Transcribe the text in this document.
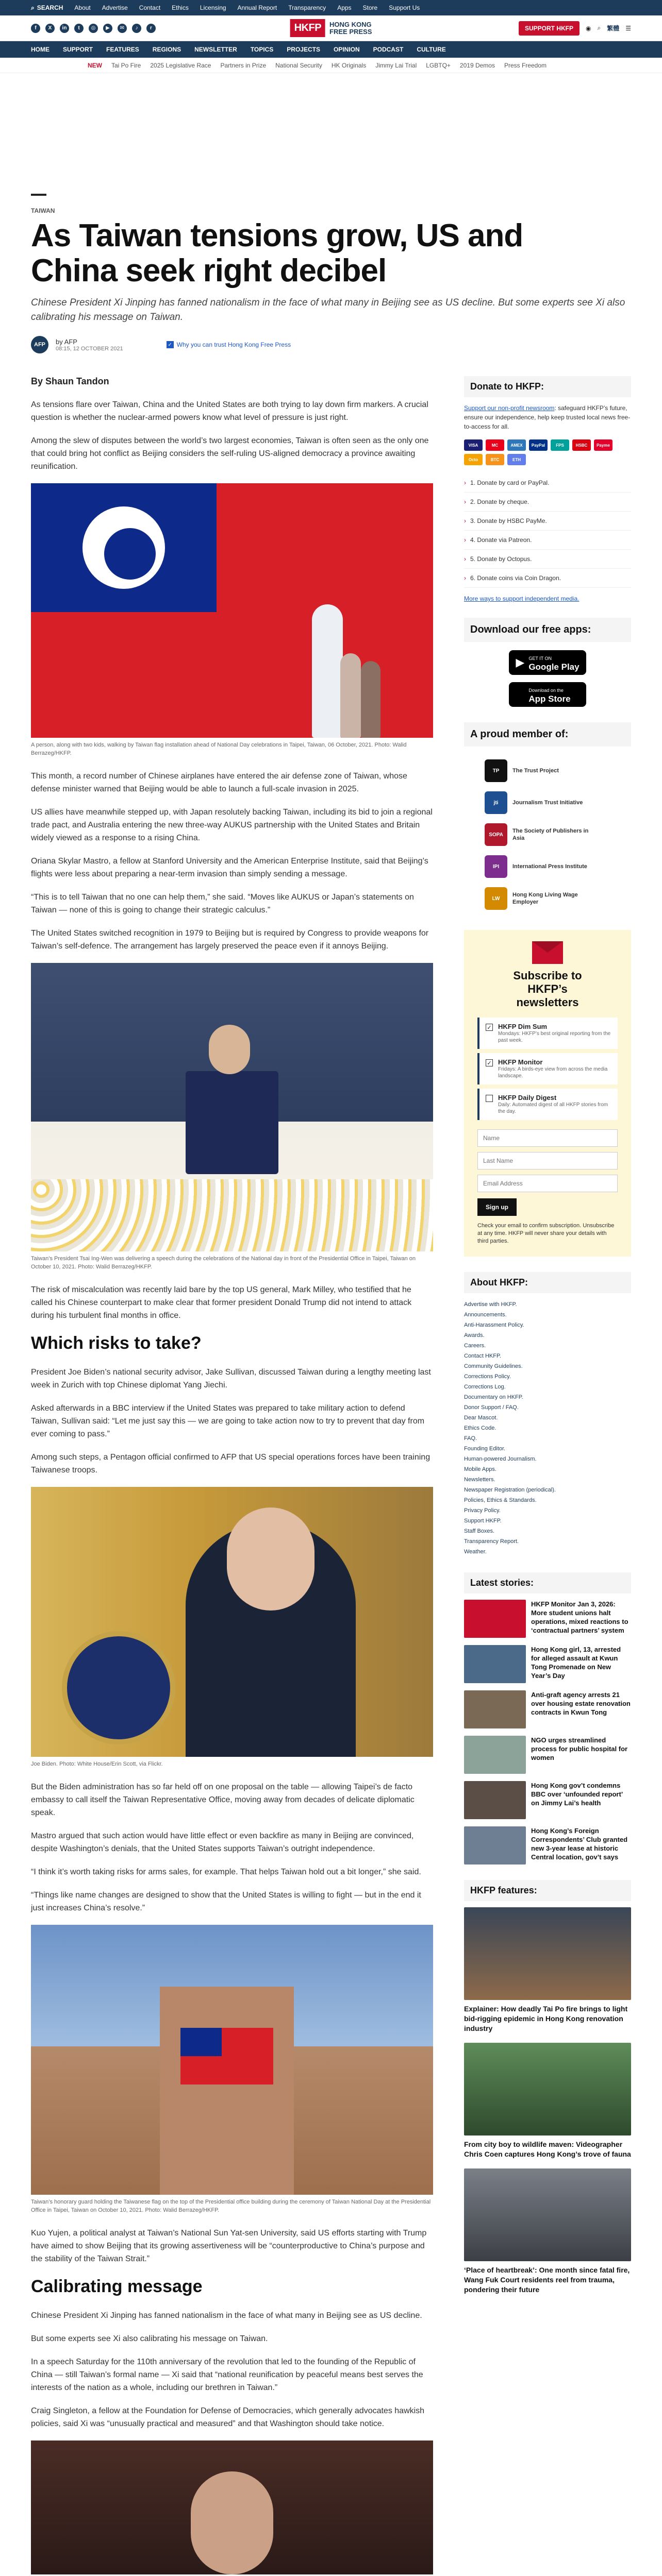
⌕ SEARCH About Advertise Contact Ethics Licensing Annual Report Transparency Apps Store Support Us
f	X	in	t	◎	▶	✉	♪	r	HKFP	HONG KONG
FREE PRESS	SUPPORT HKFP	◉ ⌕ 繁體 ☰
HOME SUPPORT FEATURES REGIONS NEWSLETTER TOPICS PROJECTS OPINION PODCAST CULTURE
NEW Tai Po Fire 2025 Legislative Race Partners in Prize National Security HK Originals Jimmy Lai Trial LGBTQ+ 2019 Demos Press Freedom
TAIWAN
As Taiwan tensions grow, US and China seek right decibel
Chinese President Xi Jinping has fanned nationalism in the face of what many in Beijing see as US decline. But some experts see Xi also calibrating his message on Taiwan.
AFP	by AFP
08:15, 12 OCTOBER 2021
✓ Why you can trust Hong Kong Free Press
By Shaun Tandon

As tensions flare over Taiwan, China and the United States are both trying to lay down firm markers. A crucial question is whether the nuclear-armed powers know what level of pressure is just right.

Among the slew of disputes between the world’s two largest economies, Taiwan is often seen as the only one that could bring hot conflict as Beijing considers the self-ruling US-aligned democracy a province awaiting reunification.

A person, along with two kids, walking by Taiwan flag installation ahead of National Day celebrations in Taipei, Taiwan, 06 October, 2021. Photo: Walid Berrazeg/HKFP.

This month, a record number of Chinese airplanes have entered the air defense zone of Taiwan, whose defense minister warned that Beijing would be able to launch a full-scale invasion in 2025.

US allies have meanwhile stepped up, with Japan resolutely backing Taiwan, including its bid to join a regional trade pact, and Australia entering the new three-way AUKUS partnership with the United States and Britain widely viewed as a response to a rising China.

Oriana Skylar Mastro, a fellow at Stanford University and the American Enterprise Institute, said that Beijing’s flights were less about preparing a near-term invasion than simply sending a message.

“This is to tell Taiwan that no one can help them,” she said. “Moves like AUKUS or Japan’s statements on Taiwan — none of this is going to change their strategic calculus.”

The United States switched recognition in 1979 to Beijing but is required by Congress to provide weapons for Taiwan’s self-defence. The arrangement has largely preserved the peace even if it annoys Beijing.

Taiwan’s President Tsai Ing-Wen was delivering a speech during the celebrations of the National day in front of the Presidential Office in Taipei, Taiwan on October 10, 2021. Photo: Walid Berrazeg/HKFP.

The risk of miscalculation was recently laid bare by the top US general, Mark Milley, who testified that he called his Chinese counterpart to make clear that former president Donald Trump did not intend to attack during his turbulent final months in office.

Which risks to take?

President Joe Biden’s national security advisor, Jake Sullivan, discussed Taiwan during a lengthy meeting last week in Zurich with top Chinese diplomat Yang Jiechi.

Asked afterwards in a BBC interview if the United States was prepared to take military action to defend Taiwan, Sullivan said: “Let me just say this — we are going to take action now to try to prevent that day from ever coming to pass.”

Among such steps, a Pentagon official confirmed to AFP that US special operations forces have been training Taiwanese troops.

Joe Biden. Photo: White House/Erin Scott, via Flickr.

But the Biden administration has so far held off on one proposal on the table — allowing Taipei’s de facto embassy to call itself the Taiwan Representative Office, moving away from decades of delicate diplomatic speak.

Mastro argued that such action would have little effect or even backfire as many in Beijing are convinced, despite Washington’s denials, that the United States supports Taiwan’s outright independence.

“I think it’s worth taking risks for arms sales, for example. That helps Taiwan hold out a bit longer,” she said.

“Things like name changes are designed to show that the United States is willing to fight — but in the end it just increases China’s resolve.”

Taiwan’s honorary guard holding the Taiwanese flag on the top of the Presidential office building during the ceremony of Taiwan National Day at the Presidential Office in Taipei, Taiwan on October 10, 2021. Photo: Walid Berrazeg/HKFP.

Kuo Yujen, a political analyst at Taiwan’s National Sun Yat-sen University, said US efforts starting with Trump have aimed to show Beijing that its growing assertiveness will be “counterproductive to China’s purpose and the stability of the Taiwan Strait.”

Calibrating message

Chinese President Xi Jinping has fanned nationalism in the face of what many in Beijing see as US decline.

But some experts see Xi also calibrating his message on Taiwan.

In a speech Saturday for the 110th anniversary of the revolution that led to the founding of the Republic of China — still Taiwan’s formal name — Xi said that “national reunification by peaceful means best serves the interests of the nation as a whole, including our brethren in Taiwan.”

Craig Singleton, a fellow at the Foundation for Defense of Democracies, which generally advocates hawkish policies, said Xi was “unusually practical and measured” and that Washington should take notice.

Donate to HKFP:
Support our non-profit newsroom: safeguard HKFP’s future, ensure our independence, help keep trusted local news free-to-access for all.
VISA	MC	AMEX	PayPal	FPS	HSBC	Payme
Octo	BTC	ETH
› 1. Donate by card or PayPal.
› 2. Donate by cheque.
› 3. Donate by HSBC PayMe.
› 4. Donate via Patreon.
› 5. Donate by Octopus.
› 6. Donate coins via Coin Dragon.
More ways to support independent media.
Download our free apps:
▶ GET IT ON
Google Play
Download on the
App Store
A proud member of:
TP	The Trust Project
jti	Journalism Trust Initiative
SOPA
The Society of Publishers in Asia
IPI	International Press Institute
LW
Hong Kong Living Wage Employer
Subscribe to
HKFP’s
newsletters
✓ HKFP Dim Sum
Mondays: HKFP’s best original reporting from the past week.
✓ HKFP Monitor
Fridays: A birds-eye view from across the media landscape.
HKFP Daily Digest
Daily: Automated digest of all HKFP stories from the day.
Name Last Name Email Address Sign up
Check your email to confirm subscription. Unsubscribe at any time. HKFP will never share your details with third parties.
About HKFP:
Advertise with HKFP.
Announcements.
Anti-Harassment Policy.
Awards.
Careers.
Contact HKFP.
Community Guidelines.
Corrections Policy.
Corrections Log.
Documentary on HKFP.
Donor Support / FAQ.
Dear Mascot.
Ethics Code.
FAQ.
Founding Editor.
Human-powered Journalism.
Mobile Apps.
Newsletters.
Newspaper Registration (periodical).
Policies, Ethics & Standards.
Privacy Policy.
Support HKFP.
Staff Boxes.
Transparency Report.
Weather.
Latest stories:
HKFP Monitor Jan 3, 2026: More student unions halt operations, mixed reactions to ‘contractual partners’ system
Hong Kong girl, 13, arrested for alleged assault at Kwun Tong Promenade on New Year’s Day
Anti-graft agency arrests 21 over housing estate renovation contracts in Kwun Tong
NGO urges streamlined process for public hospital for women
Hong Kong gov’t condemns BBC over ‘unfounded report’ on Jimmy Lai’s health
Hong Kong’s Foreign Correspondents’ Club granted new 3-year lease at historic Central location, gov’t says
HKFP features:
Explainer: How deadly Tai Po fire brings to light bid-rigging epidemic in Hong Kong renovation industry
From city boy to wildlife maven: Videographer Chris Coen captures Hong Kong’s trove of fauna
‘Place of heartbreak’: One month since fatal fire, Wang Fuk Court residents reel from trauma, pondering their future
